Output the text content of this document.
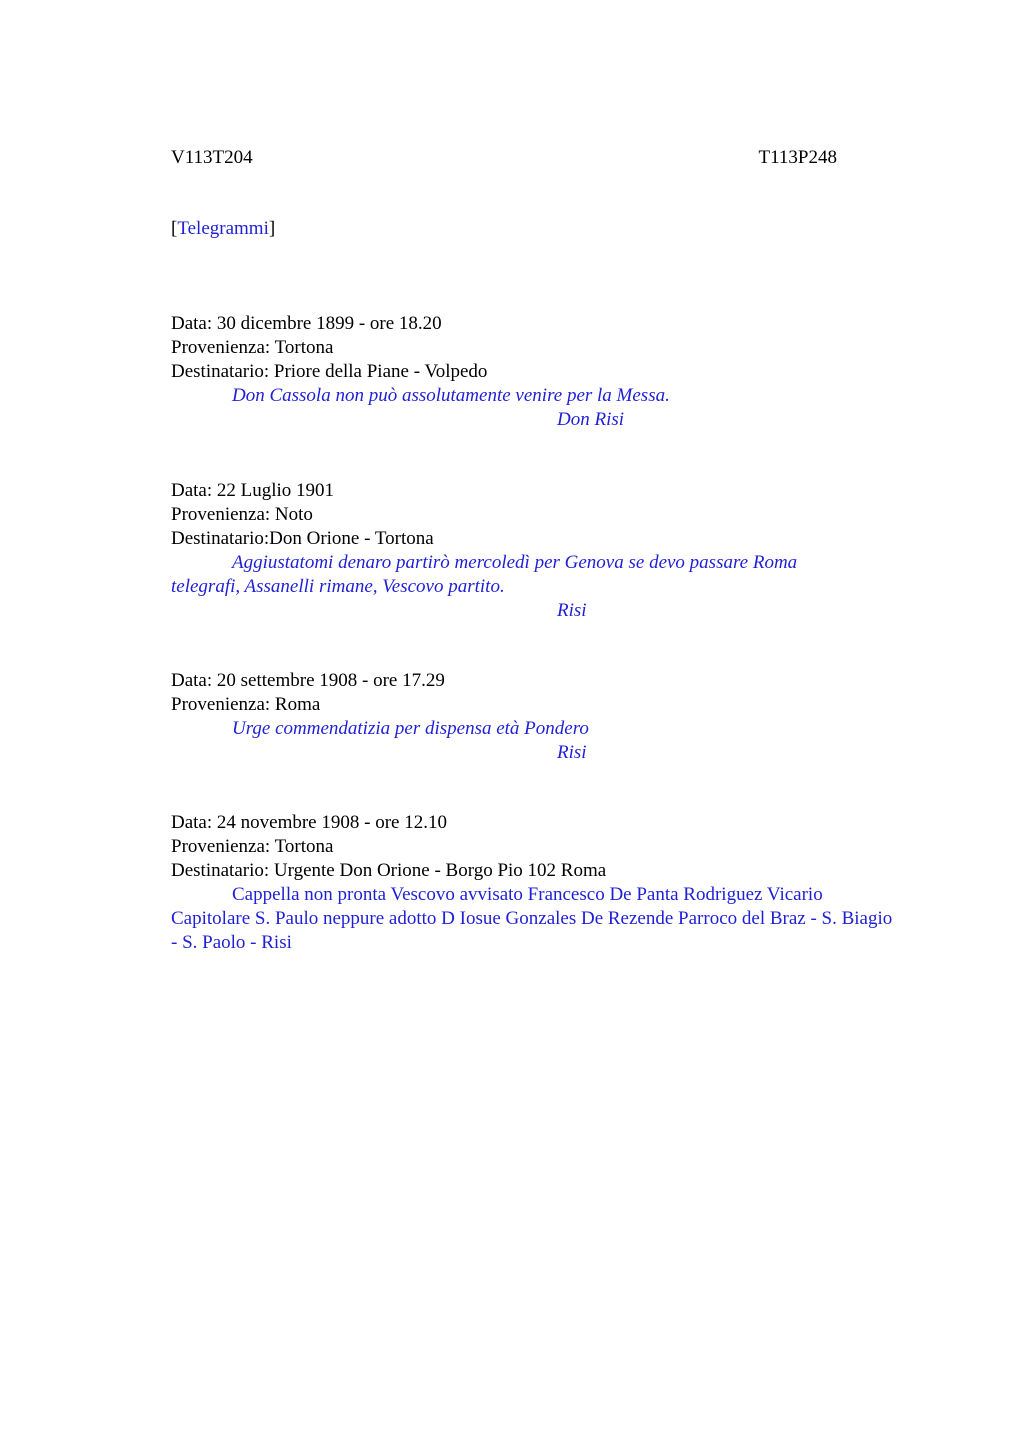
V113T204	T113P248
[Telegrammi]
Data: 30 dicembre 1899 - ore 18.20
Provenienza: Tortona
Destinatario: Priore della Piane - Volpedo
Don Cassola non può assolutamente venire per la Messa.
Don Risi
Data: 22 Luglio 1901
Provenienza: Noto
Destinatario:Don Orione - Tortona
Aggiustatomi denaro partirò mercoledì per Genova se devo passare Roma telegrafi, Assanelli rimane, Vescovo partito.
Risi
Data: 20 settembre 1908 - ore 17.29
Provenienza: Roma
Urge commendatizia per dispensa età Pondero
Risi
Data: 24 novembre 1908 - ore 12.10
Provenienza: Tortona
Destinatario: Urgente Don Orione - Borgo Pio 102 Roma
Cappella non pronta Vescovo avvisato Francesco De Panta Rodriguez Vicario Capitolare S. Paulo neppure adotto D Iosue Gonzales De Rezende Parroco del Braz - S. Biagio - S. Paolo - Risi
